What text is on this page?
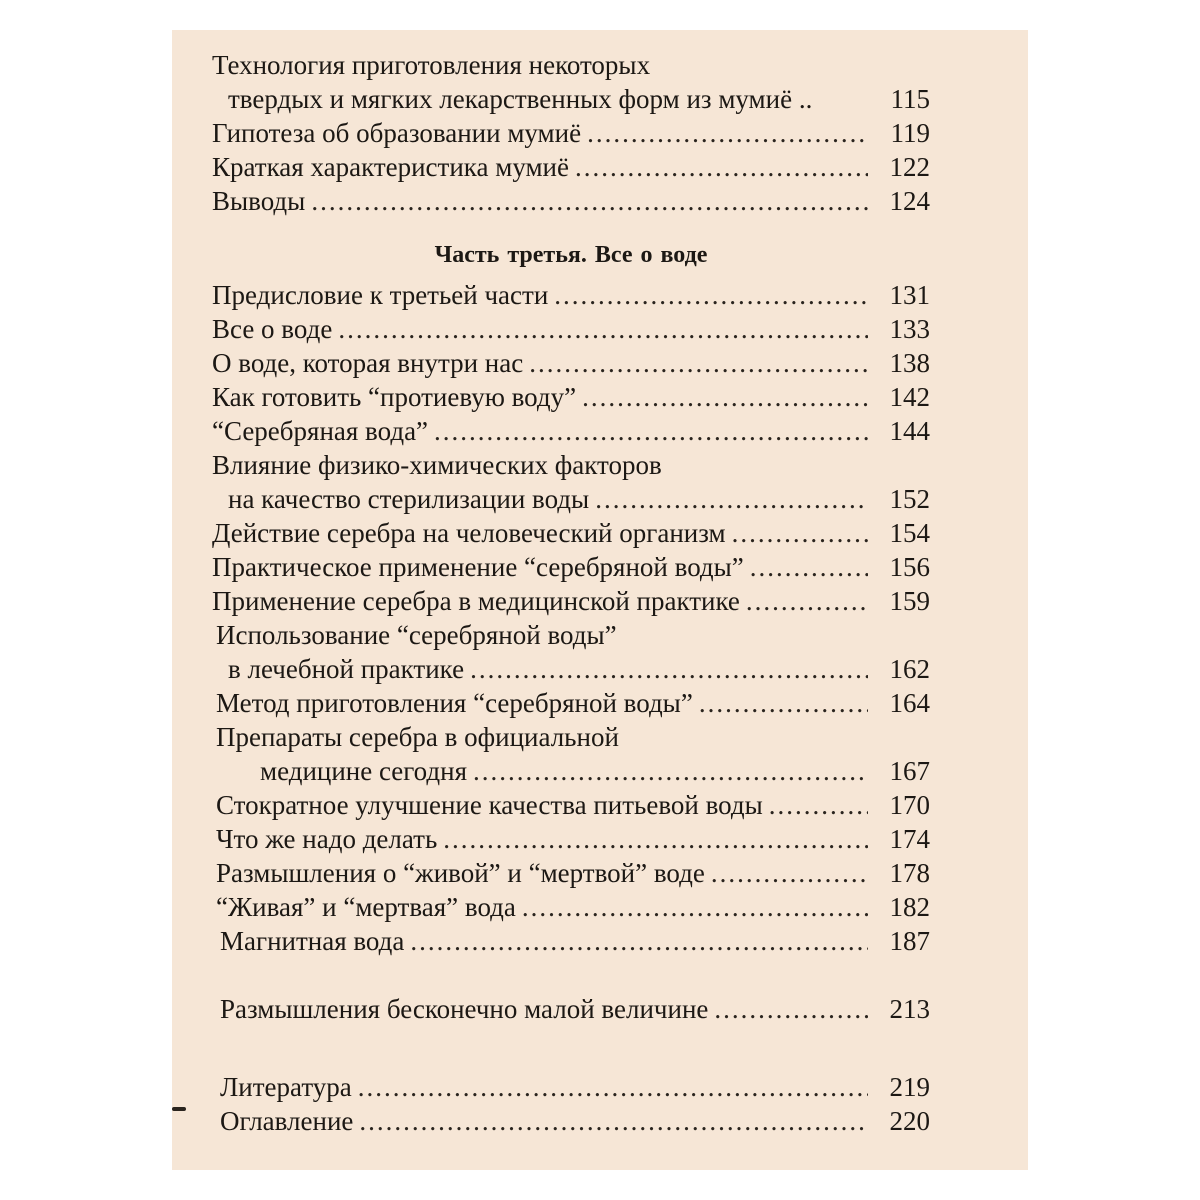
Технология приготовления некоторых
твердых и мягких лекарственных форм из мумиё ..	115
Гипотеза об образовании мумиё .....	119
Краткая характеристика мумиё .....	122
Выводы .....	124
Часть третья. Все о воде
Предисловие к третьей части .....	131
Все о воде .....	133
О воде, которая внутри нас .....	138
Как готовить “протиевую воду” .....	142
“Серебряная вода” .....	144
Влияние физико-химических факторов
на качество стерилизации воды .....	152
Действие серебра на человеческий организм .....	154
Практическое применение “серебряной воды” .....	156
Применение серебра в медицинской практике .....	159
Использование “серебряной воды”
в лечебной практике .....	162
Метод приготовления “серебряной воды” .....	164
Препараты серебра в официальной
медицине сегодня .....	167
Стократное улучшение качества питьевой воды .....	170
Что же надо делать .....	174
Размышления о “живой” и “мертвой” воде .....	178
“Живая” и “мертвая” вода .....	182
Магнитная вода .....	187
Размышления бесконечно малой величине .....	213
Литература .....	219
Оглавление .....	220
